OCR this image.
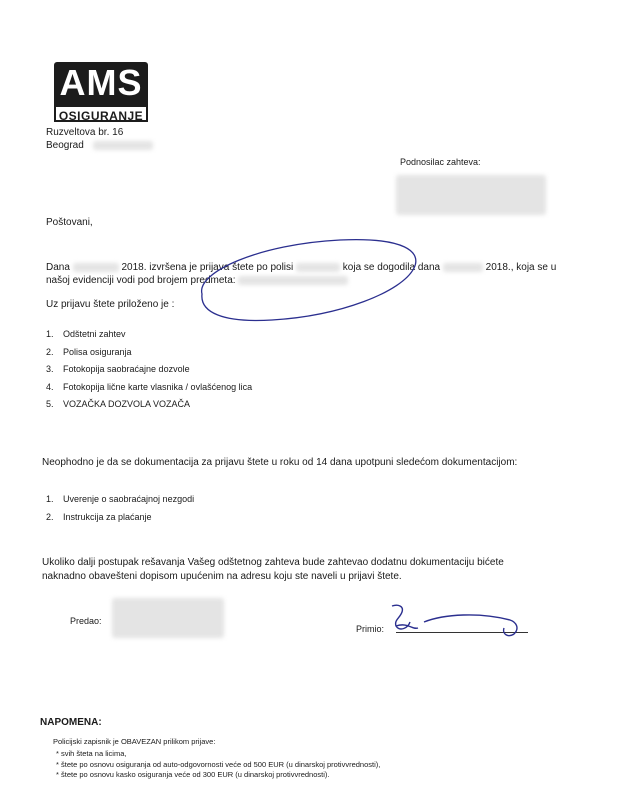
AMS
OSIGURANJE
Ruzveltova br. 16
Beograd
Podnosilac zahteva:
Poštovani,
Dana	2018. izvršena je prijava štete po polisi	koja se dogodila dana	2018., koja se u
našoj evidenciji vodi pod brojem predmeta:
Uz prijavu štete priloženo je :
1. Odštetni zahtev
2. Polisa osiguranja
3. Fotokopija saobraćajne dozvole
4. Fotokopija lične karte vlasnika / ovlašćenog lica
5. VOZAČKA DOZVOLA VOZAČA
Neophodno je da se dokumentacija za prijavu štete u roku od 14 dana upotpuni sledećom dokumentacijom:
1. Uverenje o saobraćajnoj nezgodi
2. Instrukcija za plaćanje
Ukoliko dalji postupak rešavanja Vašeg odštetnog zahteva bude zahtevao dodatnu dokumentaciju bićete
naknadno obavešteni dopisom upućenim na adresu koju ste naveli u prijavi štete.
Predao:
Primio:
NAPOMENA:
Policijski zapisnik je OBAVEZAN prilikom prijave:
* svih šteta na licima,
* štete po osnovu osiguranja od auto-odgovornosti veće od 500 EUR (u dinarskoj protivvrednosti),
* štete po osnovu kasko osiguranja veće od 300 EUR (u dinarskoj protivvrednosti).
